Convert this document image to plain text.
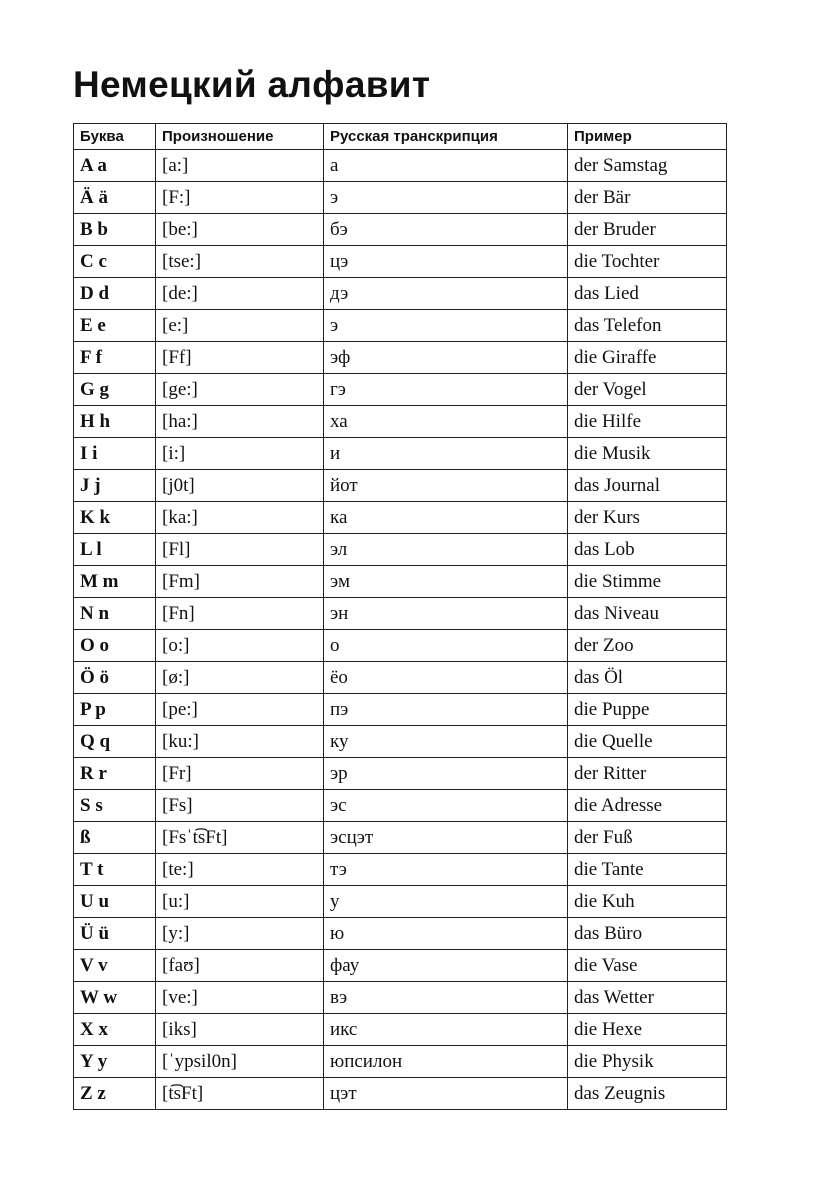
Немецкий алфавит
Буква	Произношение	Русская транскрипция	Пример
A a	[a:]	а	der Samstag
Ä ä	[F:]	э	der Bär
B b	[be:]	бэ	der Bruder
C c	[tse:]	цэ	die Tochter
D d	[de:]	дэ	das Lied
E e	[e:]	э	das Telefon
F f	[Ff]	эф	die Giraffe
G g	[ge:]	гэ	der Vogel
H h	[ha:]	ха	die Hilfe
I i	[i:]	и	die Musik
J j	[j0t]	йот	das Journal
K k	[ka:]	ка	der Kurs
L l	[Fl]	эл	das Lob
M m	[Fm]	эм	die Stimme
N n	[Fn]	эн	das Niveau
O o	[o:]	о	der Zoo
Ö ö	[ø:]	ёо	das Öl
P p	[pe:]	пэ	die Puppe
Q q	[ku:]	ку	die Quelle
R r	[Fr]	эр	der Ritter
S s	[Fs]	эс	die Adresse
ß	[Fsˈt͡sFt]	эсцэт	der Fuß
T t	[te:]	тэ	die Tante
U u	[u:]	у	die Kuh
Ü ü	[y:]	ю	das Büro
V v	[faʊ]	фау	die Vase
W w	[ve:]	вэ	das Wetter
X x	[iks]	икс	die Hexe
Y y	[ˈypsil0n]	юпсилон	die Physik
Z z	[t͡sFt]	цэт	das Zeugnis
